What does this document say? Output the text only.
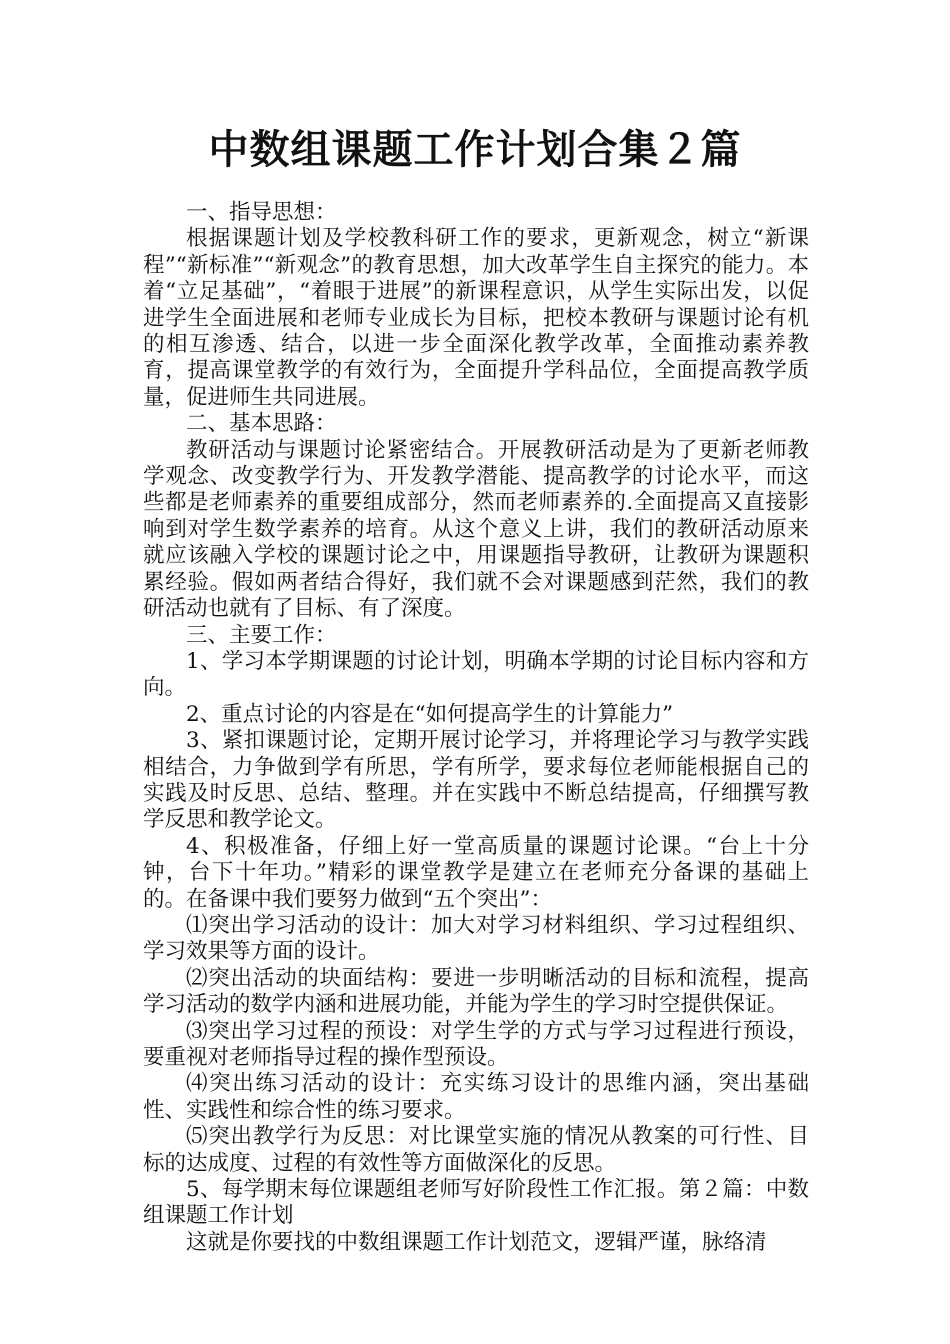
中数组课题工作计划合集２篇

一、指导思想：

根据课题计划及学校教科研工作的要求，更新观念，树立“新课程”“新标准”“新观念”的教育思想，加大改革学生自主探究的能力。本着“立足基础”，“着眼于进展”的新课程意识，从学生实际出发，以促进学生全面进展和老师专业成长为目标，把校本教研与课题讨论有机的相互渗透、结合，以进一步全面深化教学改革，全面推动素养教育，提高课堂教学的有效行为，全面提升学科品位，全面提高教学质量，促进师生共同进展。

二、基本思路：

教研活动与课题讨论紧密结合。开展教研活动是为了更新老师教学观念、改变教学行为、开发教学潜能、提高教学的讨论水平，而这些都是老师素养的重要组成部分，然而老师素养的.全面提高又直接影响到对学生数学素养的培育。从这个意义上讲，我们的教研活动原来就应该融入学校的课题讨论之中，用课题指导教研，让教研为课题积累经验。假如两者结合得好，我们就不会对课题感到茫然，我们的教研活动也就有了目标、有了深度。

三、主要工作：

1、学习本学期课题的讨论计划，明确本学期的讨论目标内容和方向。

2、重点讨论的内容是在“如何提高学生的计算能力”

3、紧扣课题讨论，定期开展讨论学习，并将理论学习与教学实践相结合，力争做到学有所思，学有所学，要求每位老师能根据自己的实践及时反思、总结、整理。并在实践中不断总结提高，仔细撰写教学反思和教学论文。

4、积极准备，仔细上好一堂高质量的课题讨论课。“台上十分钟，台下十年功。”精彩的课堂教学是建立在老师充分备课的基础上的。在备课中我们要努力做到“五个突出”：

⑴突出学习活动的设计：加大对学习材料组织、学习过程组织、学习效果等方面的设计。

⑵突出活动的块面结构：要进一步明晰活动的目标和流程，提高学习活动的数学内涵和进展功能，并能为学生的学习时空提供保证。

⑶突出学习过程的预设：对学生学的方式与学习过程进行预设，要重视对老师指导过程的操作型预设。

⑷突出练习活动的设计：充实练习设计的思维内涵，突出基础性、实践性和综合性的练习要求。

⑸突出教学行为反思：对比课堂实施的情况从教案的可行性、目标的达成度、过程的有效性等方面做深化的反思。

5、每学期末每位课题组老师写好阶段性工作汇报。第２篇：中数组课题工作计划

这就是你要找的中数组课题工作计划范文，逻辑严谨，脉络清
